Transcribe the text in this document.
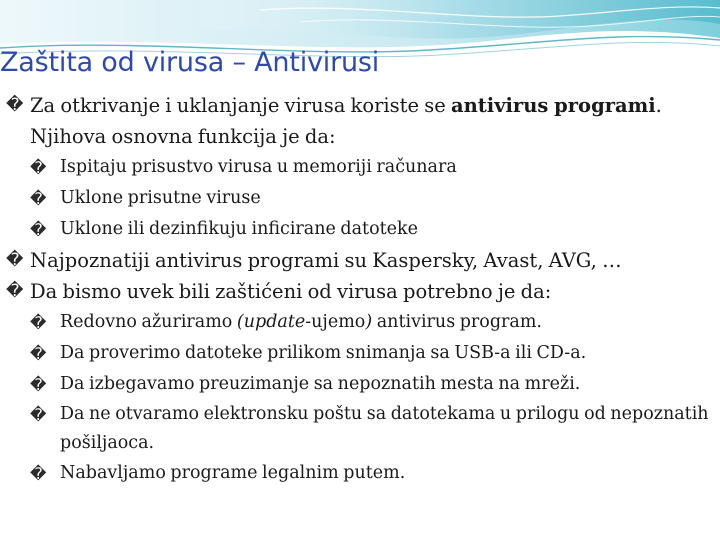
Zaštita od virusa – Antivirusi
� Za otkrivanje i uklanjanje virusa koriste se antivirus programi. Njihova osnovna funkcija je da:
� Ispitaju prisustvo virusa u memoriji računara
� Uklone prisutne viruse
� Uklone ili dezinfikuju inficirane datoteke
� Najpoznatiji antivirus programi su Kaspersky, Avast, AVG, …
� Da bismo uvek bili zaštićeni od virusa potrebno je da:
� Redovno ažuriramo (update-ujemo) antivirus program.
� Da proverimo datoteke prilikom snimanja sa USB-a ili CD-a.
� Da izbegavamo preuzimanje sa nepoznatih mesta na mreži.
� Da ne otvaramo elektronsku poštu sa datotekama u prilogu od nepoznatih pošiljaoca.
� Nabavljamo programe legalnim putem.
